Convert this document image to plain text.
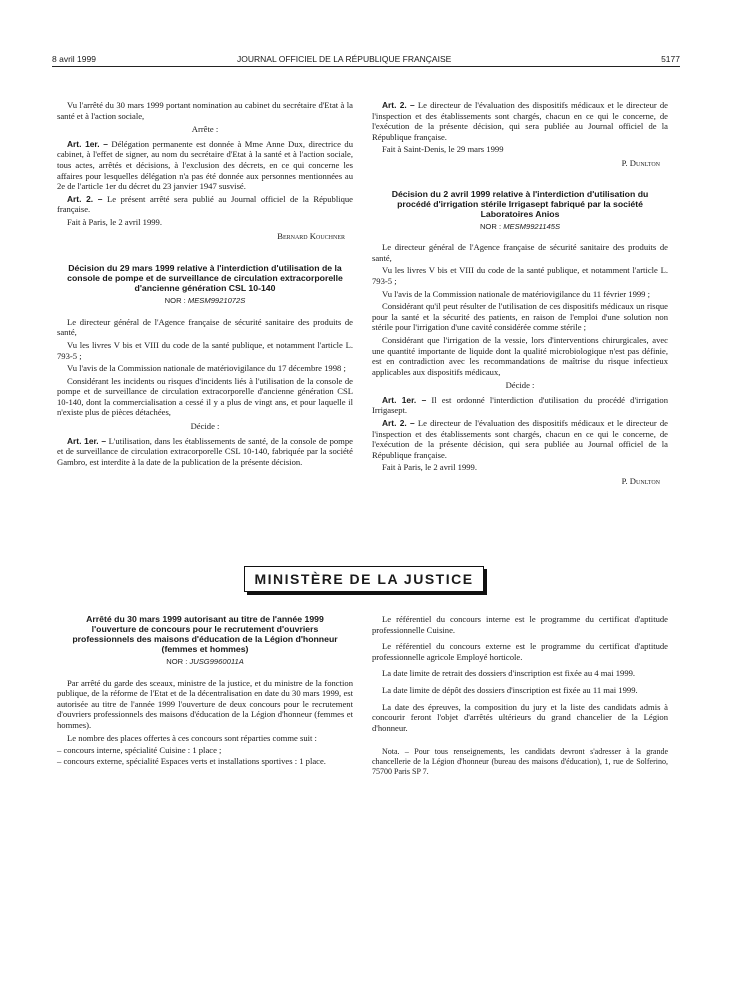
8 avril 1999	JOURNAL OFFICIEL DE LA RÉPUBLIQUE FRANÇAISE	5177

Vu l'arrêté du 30 mars 1999 portant nomination au cabinet du secrétaire d'Etat à la santé et à l'action sociale,

Arrête :

Art. 1er. – Délégation permanente est donnée à Mme Anne Dux, directrice du cabinet, à l'effet de signer, au nom du secrétaire d'Etat à la santé et à l'action sociale, tous actes, arrêtés et décisions, à l'exclusion des décrets, en ce qui concerne les affaires pour lesquelles délégation n'a pas été donnée aux personnes mentionnées au 2e de l'article 1er du décret du 23 janvier 1947 susvisé.

Art. 2. – Le présent arrêté sera publié au Journal officiel de la République française.

Fait à Paris, le 2 avril 1999.

Bernard Kouchner

Décision du 29 mars 1999 relative à l'interdiction d'utilisation de la console de pompe et de surveillance de circulation extracorporelle d'ancienne génération CSL 10-140
NOR : MESM9921072S

Le directeur général de l'Agence française de sécurité sanitaire des produits de santé,

Vu les livres V bis et VIII du code de la santé publique, et notamment l'article L. 793-5 ;

Vu l'avis de la Commission nationale de matériovigilance du 17 décembre 1998 ;

Considérant les incidents ou risques d'incidents liés à l'utilisation de la console de pompe et de surveillance de circulation extracorporelle d'ancienne génération CSL 10-140, dont la commercialisation a cessé il y a plus de vingt ans, et pour laquelle il n'existe plus de pièces détachées,

Décide :

Art. 1er. – L'utilisation, dans les établissements de santé, de la console de pompe et de surveillance de circulation extracorporelle CSL 10-140, fabriquée par la société Gambro, est interdite à la date de la publication de la présente décision.

Art. 2. – Le directeur de l'évaluation des dispositifs médicaux et le directeur de l'inspection et des établissements sont chargés, chacun en ce qui le concerne, de l'exécution de la présente décision, qui sera publiée au Journal officiel de la République française.

Fait à Saint-Denis, le 29 mars 1999

P. Dunlton

Décision du 2 avril 1999 relative à l'interdiction d'utilisation du procédé d'irrigation stérile Irrigasept fabriqué par la société Laboratoires Anios
NOR : MESM9921145S

Le directeur général de l'Agence française de sécurité sanitaire des produits de santé,

Vu les livres V bis et VIII du code de la santé publique, et notamment l'article L. 793-5 ;

Vu l'avis de la Commission nationale de matériovigilance du 11 février 1999 ;

Considérant qu'il peut résulter de l'utilisation de ces dispositifs médicaux un risque pour la santé et la sécurité des patients, en raison de l'emploi d'une solution non stérile pour l'irrigation d'une cavité considérée comme stérile ;

Considérant que l'irrigation de la vessie, lors d'interventions chirurgicales, avec une quantité importante de liquide dont la qualité microbiologique n'est pas définie, est en contradiction avec les recommandations de maîtrise du risque infectieux applicables aux dispositifs médicaux,

Décide :

Art. 1er. – Il est ordonné l'interdiction d'utilisation du procédé d'irrigation Irrigasept.

Art. 2. – Le directeur de l'évaluation des dispositifs médicaux et le directeur de l'inspection et des établissements sont chargés, chacun en ce qui le concerne, de l'exécution de la présente décision, qui sera publiée au Journal officiel de la République française.

Fait à Paris, le 2 avril 1999.

P. Dunlton

MINISTÈRE DE LA JUSTICE
Arrêté du 30 mars 1999 autorisant au titre de l'année 1999 l'ouverture de concours pour le recrutement d'ouvriers professionnels des maisons d'éducation de la Légion d'honneur (femmes et hommes)
NOR : JUSG9960011A

Par arrêté du garde des sceaux, ministre de la justice, et du ministre de la fonction publique, de la réforme de l'Etat et de la décentralisation en date du 30 mars 1999, est autorisée au titre de l'année 1999 l'ouverture de deux concours pour le recrutement d'ouvriers professionnels des maisons d'éducation de la Légion d'honneur (femmes et hommes).

Le nombre des places offertes à ces concours sont réparties comme suit :

– concours interne, spécialité Cuisine : 1 place ;

– concours externe, spécialité Espaces verts et installations sportives : 1 place.

Le référentiel du concours interne est le programme du certificat d'aptitude professionnelle Cuisine.

Le référentiel du concours externe est le programme du certificat d'aptitude professionnelle agricole Employé horticole.

La date limite de retrait des dossiers d'inscription est fixée au 4 mai 1999.

La date limite de dépôt des dossiers d'inscription est fixée au 11 mai 1999.

La date des épreuves, la composition du jury et la liste des candidats admis à concourir feront l'objet d'arrêtés ultérieurs du grand chancelier de la Légion d'honneur.

Nota. – Pour tous renseignements, les candidats devront s'adresser à la grande chancellerie de la Légion d'honneur (bureau des maisons d'éducation), 1, rue de Solferino, 75700 Paris SP 7.
